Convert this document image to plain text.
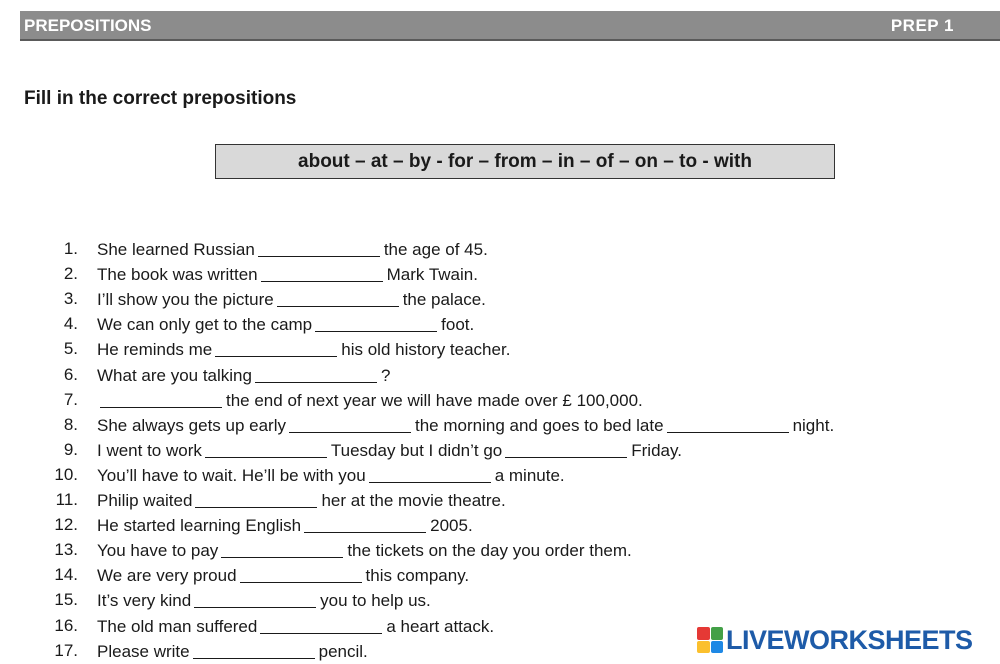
PREPOSITIONS	PREP 1
Fill in the correct prepositions
about – at – by - for – from – in – of – on – to - with
1. She learned Russian	the age of 45.
2. The book was written	Mark Twain.
3. I’ll show you the picture	the palace.
4. We can only get to the camp	foot.
5. He reminds me	his old history teacher.
6. What are you talking	?
7.	the end of next year we will have made over £ 100,000.
8. She always gets up early	the morning and goes to bed late	night.
9. I went to work	Tuesday but I didn’t go	Friday.
10. You’ll have to wait. He’ll be with you	a minute.
11. Philip waited	her at the movie theatre.
12. He started learning English	2005.
13. You have to pay	the tickets on the day you order them.
14. We are very proud	this company.
15. It’s very kind	you to help us.
16. The old man suffered	a heart attack.
17. Please write	pencil.	LIVEWORKSHEETS
